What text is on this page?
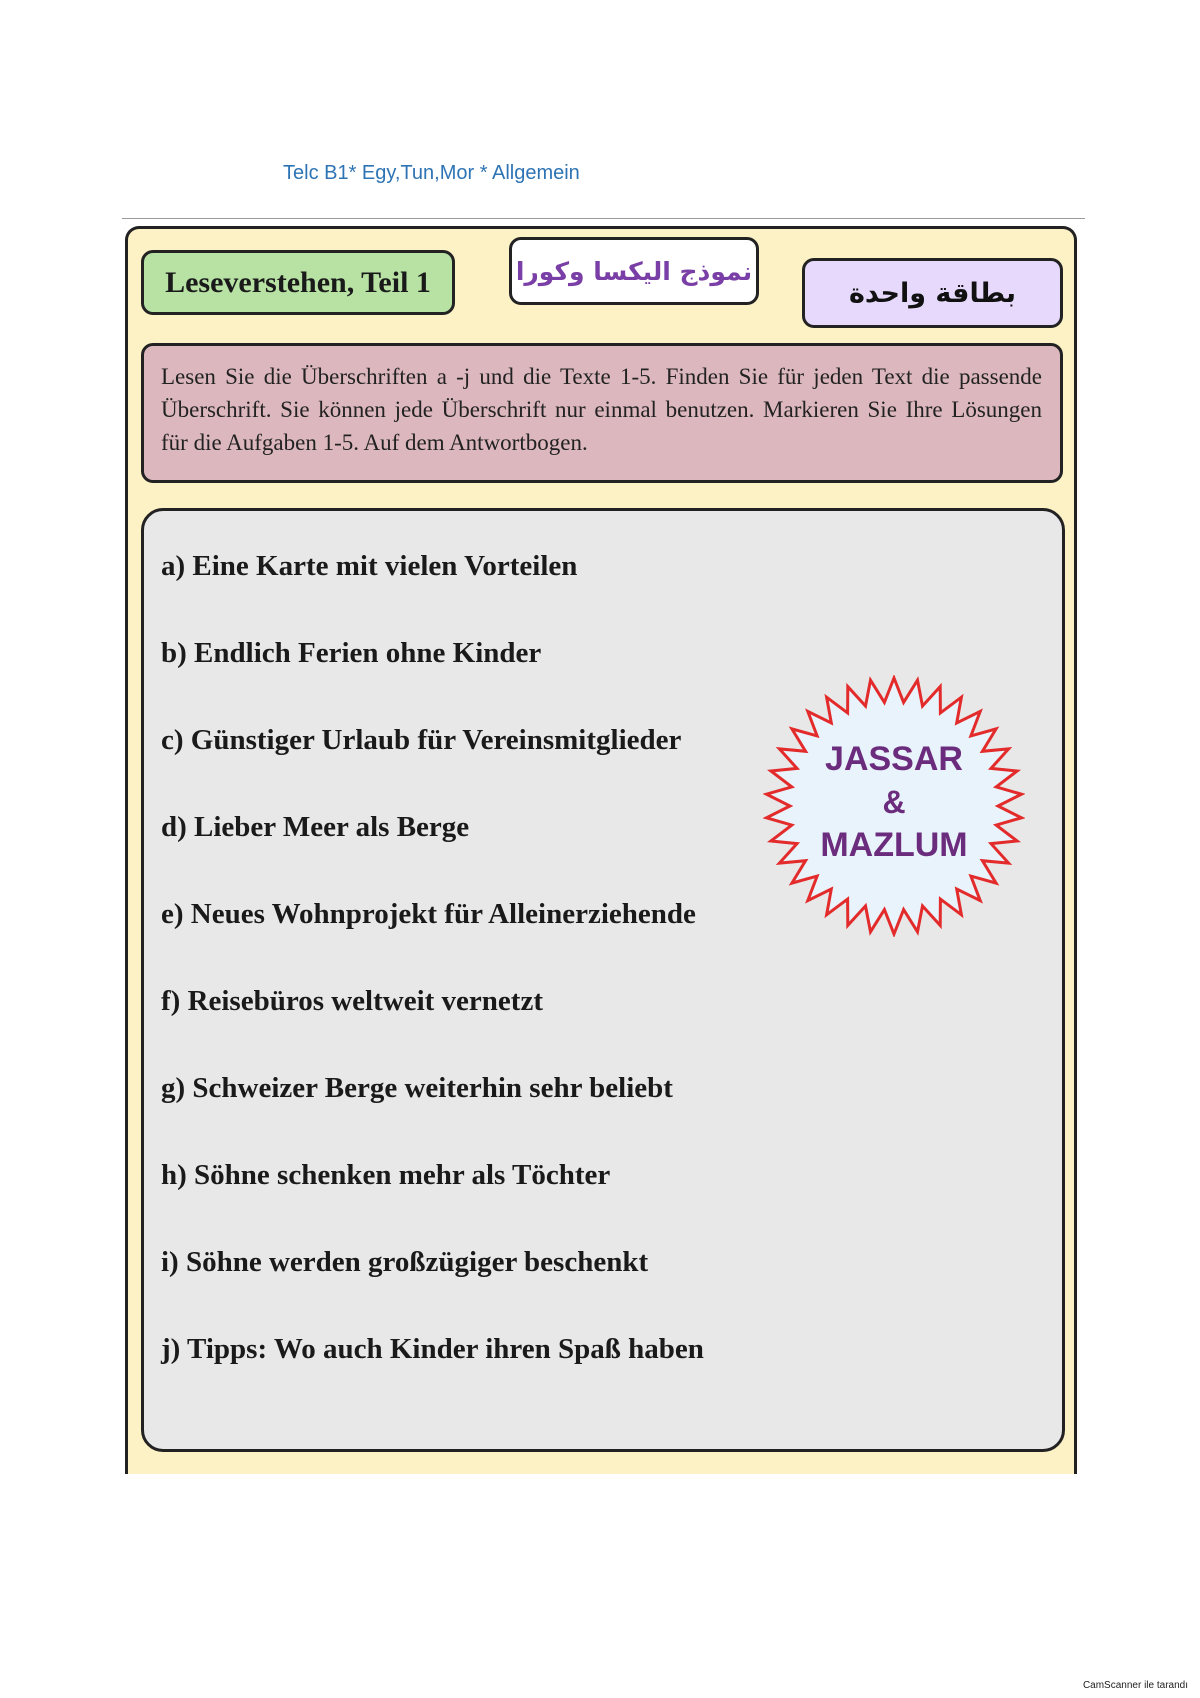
Telc B1* Egy,Tun,Mor * Allgemein
Leseverstehen, Teil 1	نموذج اليكسا وكورا
بطاقة واحدة
Lesen Sie die Überschriften a -j und die Texte 1-5. Finden Sie für jeden Text die passende Überschrift. Sie können jede Überschrift nur einmal benutzen. Markieren Sie Ihre Lösungen für die Aufgaben 1-5. Auf dem Antwortbogen.
a) Eine Karte mit vielen Vorteilen
b) Endlich Ferien ohne Kinder
c) Günstiger Urlaub für Vereinsmitglieder
d) Lieber Meer als Berge
e) Neues Wohnprojekt für Alleinerziehende
f) Reisebüros weltweit vernetzt
g) Schweizer Berge weiterhin sehr beliebt
h) Söhne schenken mehr als Töchter
i) Söhne werden großzügiger beschenkt
j) Tipps: Wo auch Kinder ihren Spaß haben
JASSAR
&
MAZLUM
CamScanner ile tarandı
